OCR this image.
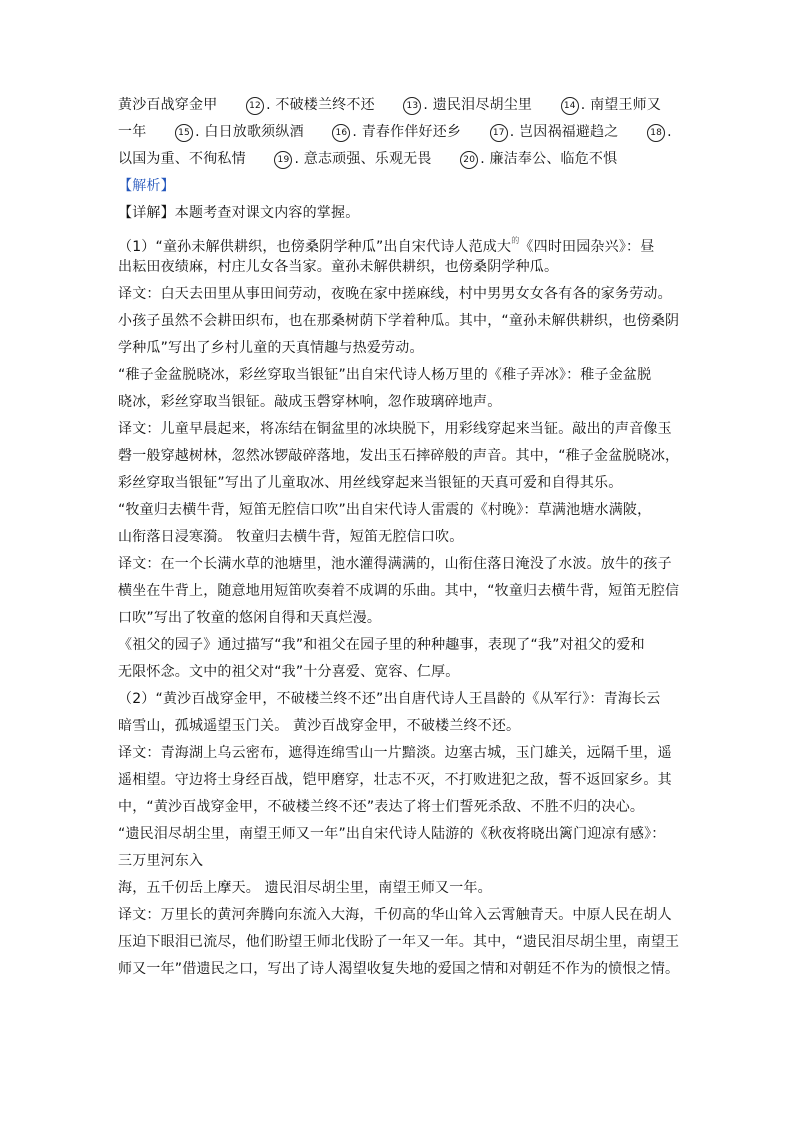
黄沙百战穿金甲	12 . 不破楼兰终不还	13 . 遗民泪尽胡尘里	14 . 南望王师又
一年	15 . 白日放歌须纵酒	16 . 青春作伴好还乡	17 . 岂因祸福避趋之	18 .
以国为重、不徇私情	19 . 意志顽强、乐观无畏	20 . 廉洁奉公、临危不惧
【解析】
【详解】本题考查对课文内容的掌握。
（1）“童孙未解供耕织，也傍桑阴学种瓜”出自宋代诗人范成大$^的$《四时田园杂兴》：昼
出耘田夜绩麻，村庄儿女各当家。童孙未解供耕织，也傍桑阴学种瓜。
译文：白天去田里从事田间劳动，夜晚在家中搓麻线，村中男男女女各有各的家务劳动。
小孩子虽然不会耕田织布，也在那桑树荫下学着种瓜。其中，“童孙未解供耕织，也傍桑阴
学种瓜”写出了乡村儿童的天真情趣与热爱劳动。
“稚子金盆脱晓冰，彩丝穿取当银钲”出自宋代诗人杨万里的《稚子弄冰》：稚子金盆脱
晓冰，彩丝穿取当银钲。敲成玉磬穿林响，忽作玻璃碎地声。
译文：儿童早晨起来，将冻结在铜盆里的冰块脱下，用彩线穿起来当钲。敲出的声音像玉
磬一般穿越树林，忽然冰锣敲碎落地，发出玉石摔碎般的声音。其中，“稚子金盆脱晓冰，
彩丝穿取当银钲”写出了儿童取冰、用丝线穿起来当银钲的天真可爱和自得其乐。
“牧童归去横牛背，短笛无腔信口吹”出自宋代诗人雷震的《村晚》：草满池塘水满陂，
山衔落日浸寒漪。 牧童归去横牛背，短笛无腔信口吹。
译文：在一个长满水草的池塘里，池水灌得满满的，山衔住落日淹没了水波。放牛的孩子
横坐在牛背上，随意地用短笛吹奏着不成调的乐曲。其中，“牧童归去横牛背，短笛无腔信
口吹”写出了牧童的悠闲自得和天真烂漫。
《祖父的园子》通过描写“我”和祖父在园子里的种种趣事，表现了“我”对祖父的爱和
无限怀念。文中的祖父对“我”十分喜爱、宽容、仁厚。
（2）“黄沙百战穿金甲，不破楼兰终不还”出自唐代诗人王昌龄的《从军行》：青海长云
暗雪山，孤城遥望玉门关。 黄沙百战穿金甲，不破楼兰终不还。
译文：青海湖上乌云密布，遮得连绵雪山一片黯淡。边塞古城，玉门雄关，远隔千里，遥
遥相望。守边将士身经百战，铠甲磨穿，壮志不灭，不打败进犯之敌，誓不返回家乡。其
中，“黄沙百战穿金甲，不破楼兰终不还”表达了将士们誓死杀敌、不胜不归的决心。
“遗民泪尽胡尘里，南望王师又一年”出自宋代诗人陆游的《秋夜将晓出篱门迎凉有感》：
三万里河东入
海，五千仞岳上摩天。 遗民泪尽胡尘里，南望王师又一年。
译文：万里长的黄河奔腾向东流入大海，千仞高的华山耸入云霄触青天。中原人民在胡人
压迫下眼泪已流尽，他们盼望王师北伐盼了一年又一年。其中，“遗民泪尽胡尘里，南望王
师又一年”借遗民之口，写出了诗人渴望收复失地的爱国之情和对朝廷不作为的愤恨之情。
